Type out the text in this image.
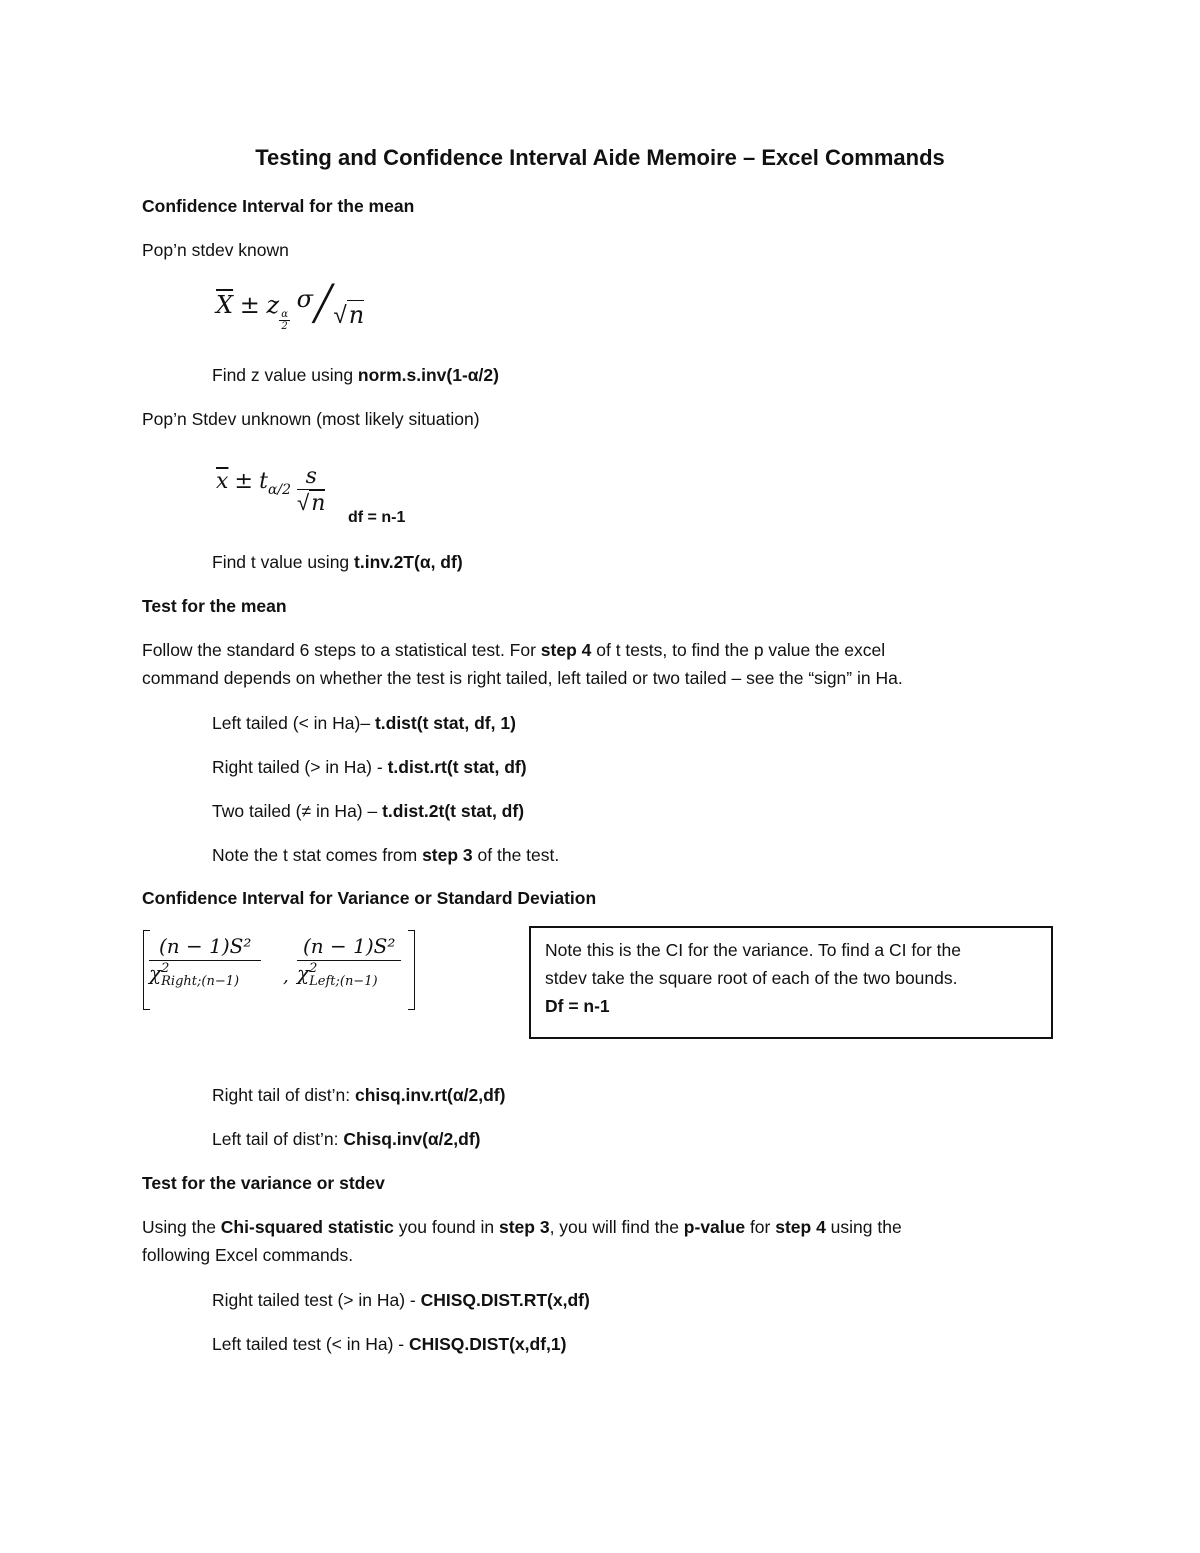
Testing and Confidence Interval Aide Memoire – Excel Commands
Confidence Interval for the mean
Pop’n stdev known
$\overline{X} \pm z$
$\frac{\alpha}{2}$
σ╱√n
Find z value using norm.s.inv(1-α/2)
Pop’n Stdev unknown (most likely situation)
$\overline{x} \pm t_{\alpha/2} \frac{s}{√n}$
df = n-1
Find t value using t.inv.2T(α, df)
Test for the mean
Follow the standard 6 steps to a statistical test. For step 4 of t tests, to find the p value the excel
command depends on whether the test is right tailed, left tailed or two tailed – see the “sign” in Ha.
Left tailed (< in Ha)– t.dist(t stat, df, 1)
Right tailed (> in Ha) - t.dist.rt(t stat, df)
Two tailed (≠ in Ha) – t.dist.2t(t stat, df)
Note the t stat comes from step 3 of the test.
Confidence Interval for Variance or Standard Deviation
(n − 1)S²
χ 2
Right;(n−1) , (n − 1)S²
χ 2
Left;(n−1)	Note this is the CI for the variance. To find a CI for the
stdev take the square root of each of the two bounds.
Df = n-1
Right tail of dist’n: chisq.inv.rt(α/2,df)
Left tail of dist’n: Chisq.inv(α/2,df)
Test for the variance or stdev
Using the Chi-squared statistic you found in step 3, you will find the p-value for step 4 using the
following Excel commands.
Right tailed test (> in Ha) - CHISQ.DIST.RT(x,df)
Left tailed test (< in Ha) - CHISQ.DIST(x,df,1)
